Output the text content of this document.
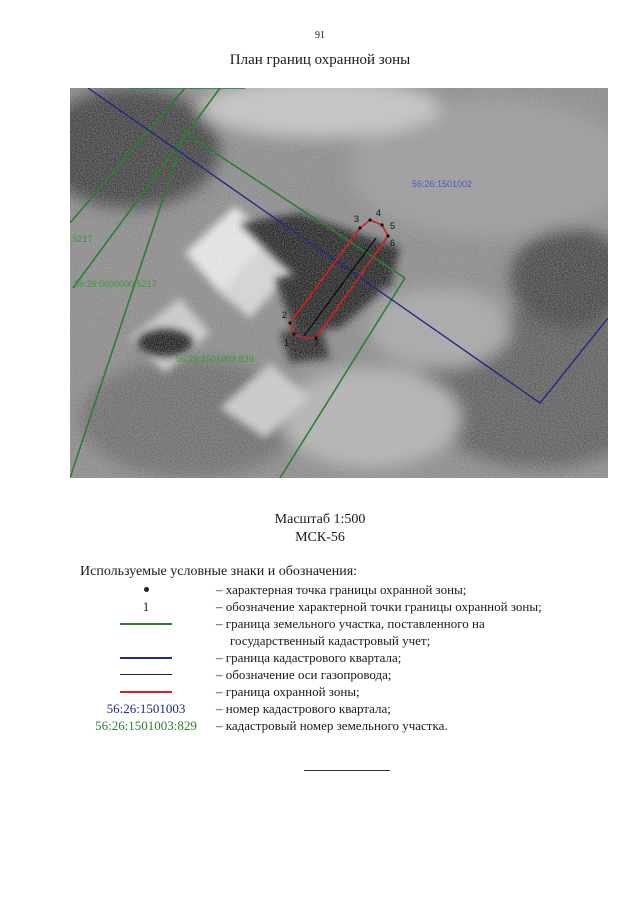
91
План границ охранной зоны
56:26:1501002
:5217
56:26:0000000:5217
56:26:1501003:829
1
2
3
4
5
6
7
Масштаб 1:500
МСК-56
Используемые условные знаки и обозначения:
– характерная точка границы охранной зоны;
1	– обозначение характерной точки границы охранной зоны;
– граница земельного участка, поставленного на
государственный кадастровый учет;
– граница кадастрового квартала;
– обозначение оси газопровода;
– граница охранной зоны;
56:26:1501003	– номер кадастрового квартала;
56:26:1501003:829	– кадастровый номер земельного участка.
